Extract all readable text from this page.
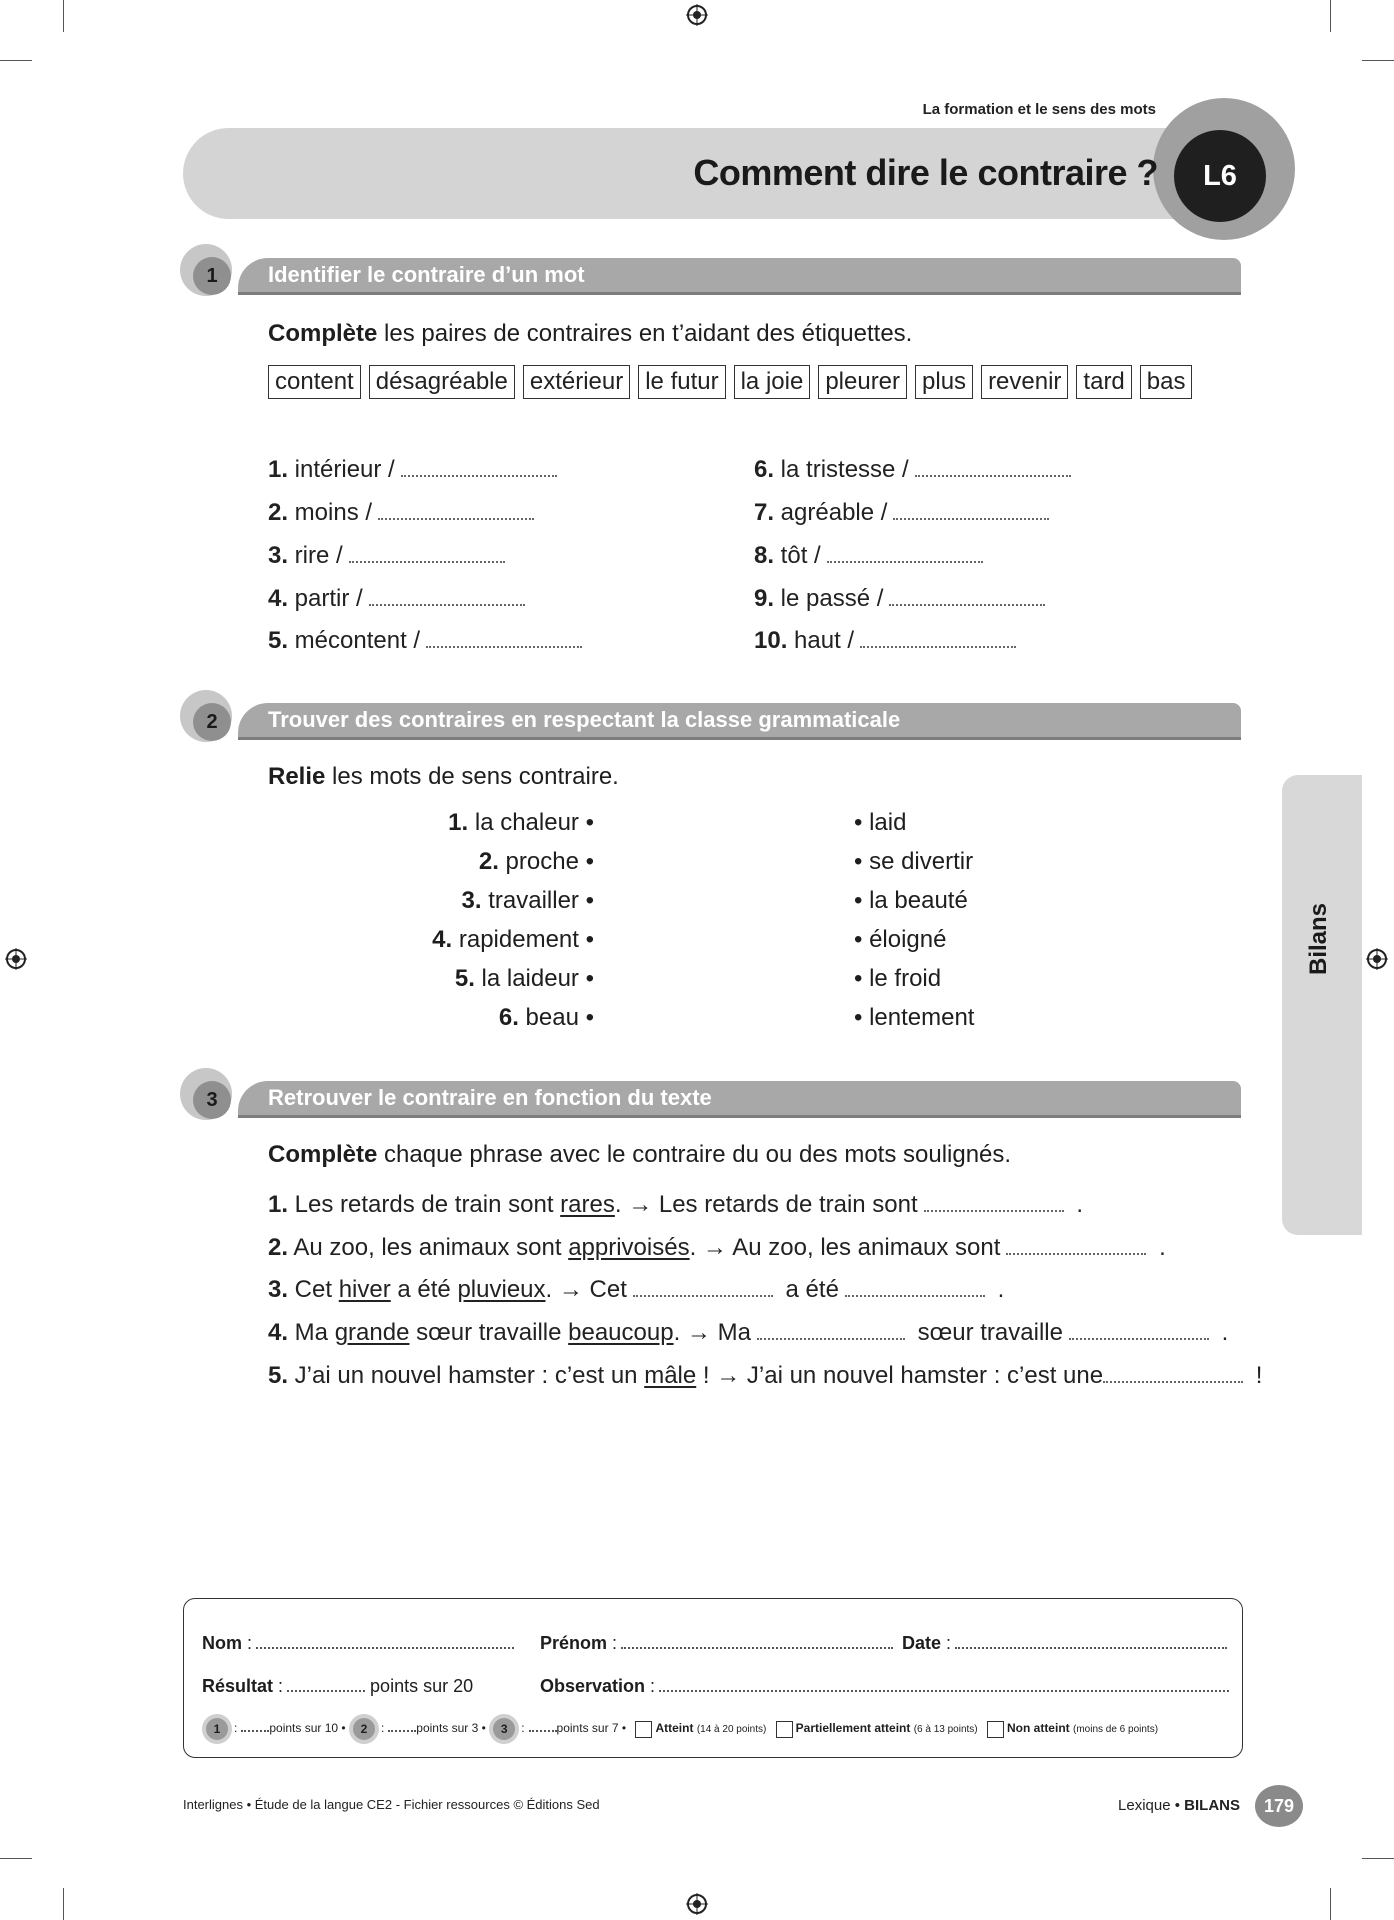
La formation et le sens des mots
Comment dire le contraire ?	L6
Bilans
1	Identifier le contraire d’un mot
Complète les paires de contraires en t’aidant des étiquettes.
content désagréable extérieur le futur la joie pleurer plus revenir tard bas
1. intérieur /
2. moins /
3. rire /
4. partir /
5. mécontent /
6. la tristesse /
7. agréable /
8. tôt /
9. le passé /
10. haut /
2	Trouver des contraires en respectant la classe grammaticale
Relie les mots de sens contraire.
1. la chaleur •
2. proche •
3. travailler •
4. rapidement •
5. la laideur •
6. beau •
• laid
• se divertir
• la beauté
• éloigné
• le froid
• lentement
3	Retrouver le contraire en fonction du texte
Complète chaque phrase avec le contraire du ou des mots soulignés.
1. Les retards de train sont rares. → Les retards de train sont	.
2. Au zoo, les animaux sont apprivoisés. → Au zoo, les animaux sont	.
3. Cet hiver a été pluvieux. → Cet	a été	.
4. Ma grande sœur travaille beaucoup. → Ma	sœur travaille	.
5. J’ai un nouvel hamster : c’est un mâle ! → J’ai un nouvel hamster : c’est une	!
Nom :	Prénom :	Date :
Résultat :	points sur 20	Observation :
1 :	points sur 10 • 2 :	points sur 3 • 3 :	points sur 7 • Atteint (14 à 20 points) Partiellement atteint (6 à 13 points) Non atteint (moins de 6 points)
Interlignes • Étude de la langue CE2 - Fichier ressources © Éditions Sed	Lexique • BILANS	179
